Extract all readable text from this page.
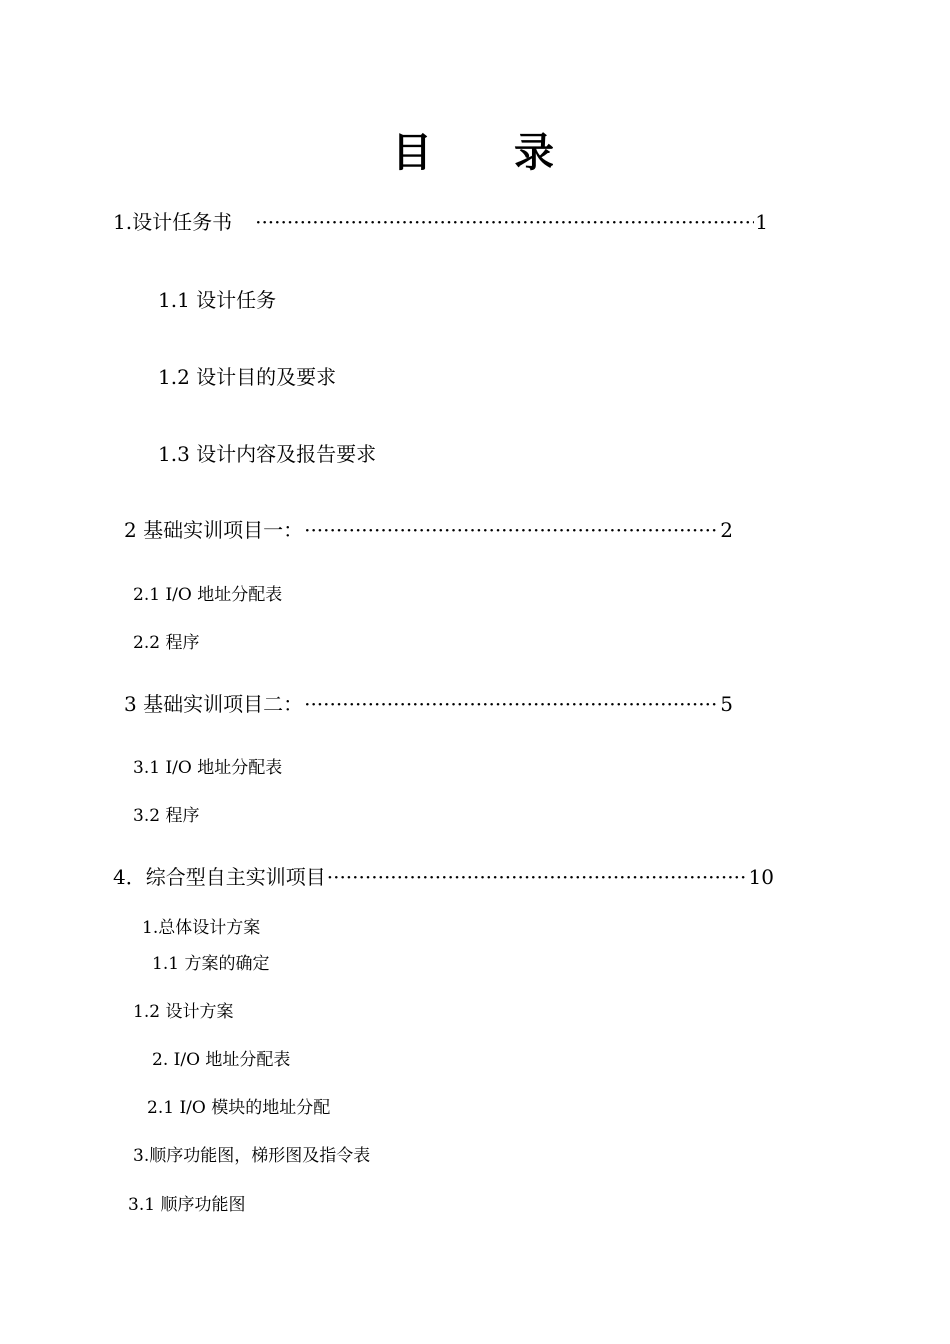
目 录
1.设计任务书 ·····	1
1.1 设计任务
1.2 设计目的及要求
1.3 设计内容及报告要求
2 基础实训项目一： ·····	2
2.1 I/O 地址分配表
2.2 程序
3 基础实训项目二： ·····	5
3.1 I/O 地址分配表
3.2 程序
4．综合型自主实训项目 ·····	10
1.总体设计方案
1.1 方案的确定
1.2 设计方案
2. I/O 地址分配表
2.1 I/O 模块的地址分配
3.顺序功能图，梯形图及指令表
3.1 顺序功能图
